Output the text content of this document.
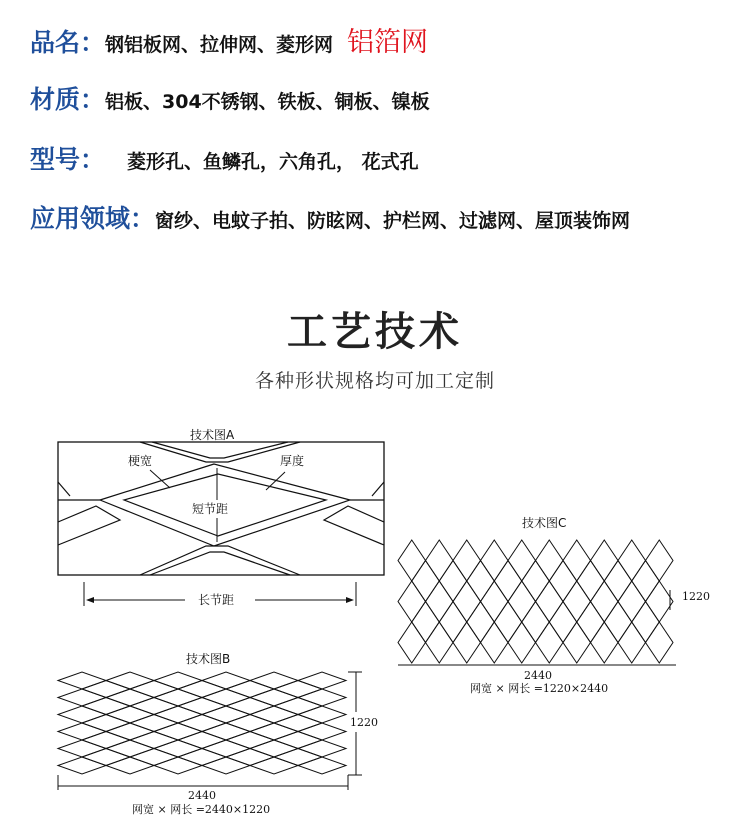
品名： 钢铝板网、拉伸网、菱形网 铝箔网
材质： 铝板、304不锈钢、铁板、铜板、镍板
型号： 菱形孔、鱼鳞孔，六角孔， 花式孔
应用领域： 窗纱、电蚊子拍、防眩网、护栏网、过滤网、屋顶装饰网
工艺技术
各种形状规格均可加工定制
技术图A
梗宽	厚度
短节距
长节距
技术图C
1220
2440
网宽 × 网长 =1220×2440
技术图B
1220
2440
网宽 × 网长 =2440×1220
